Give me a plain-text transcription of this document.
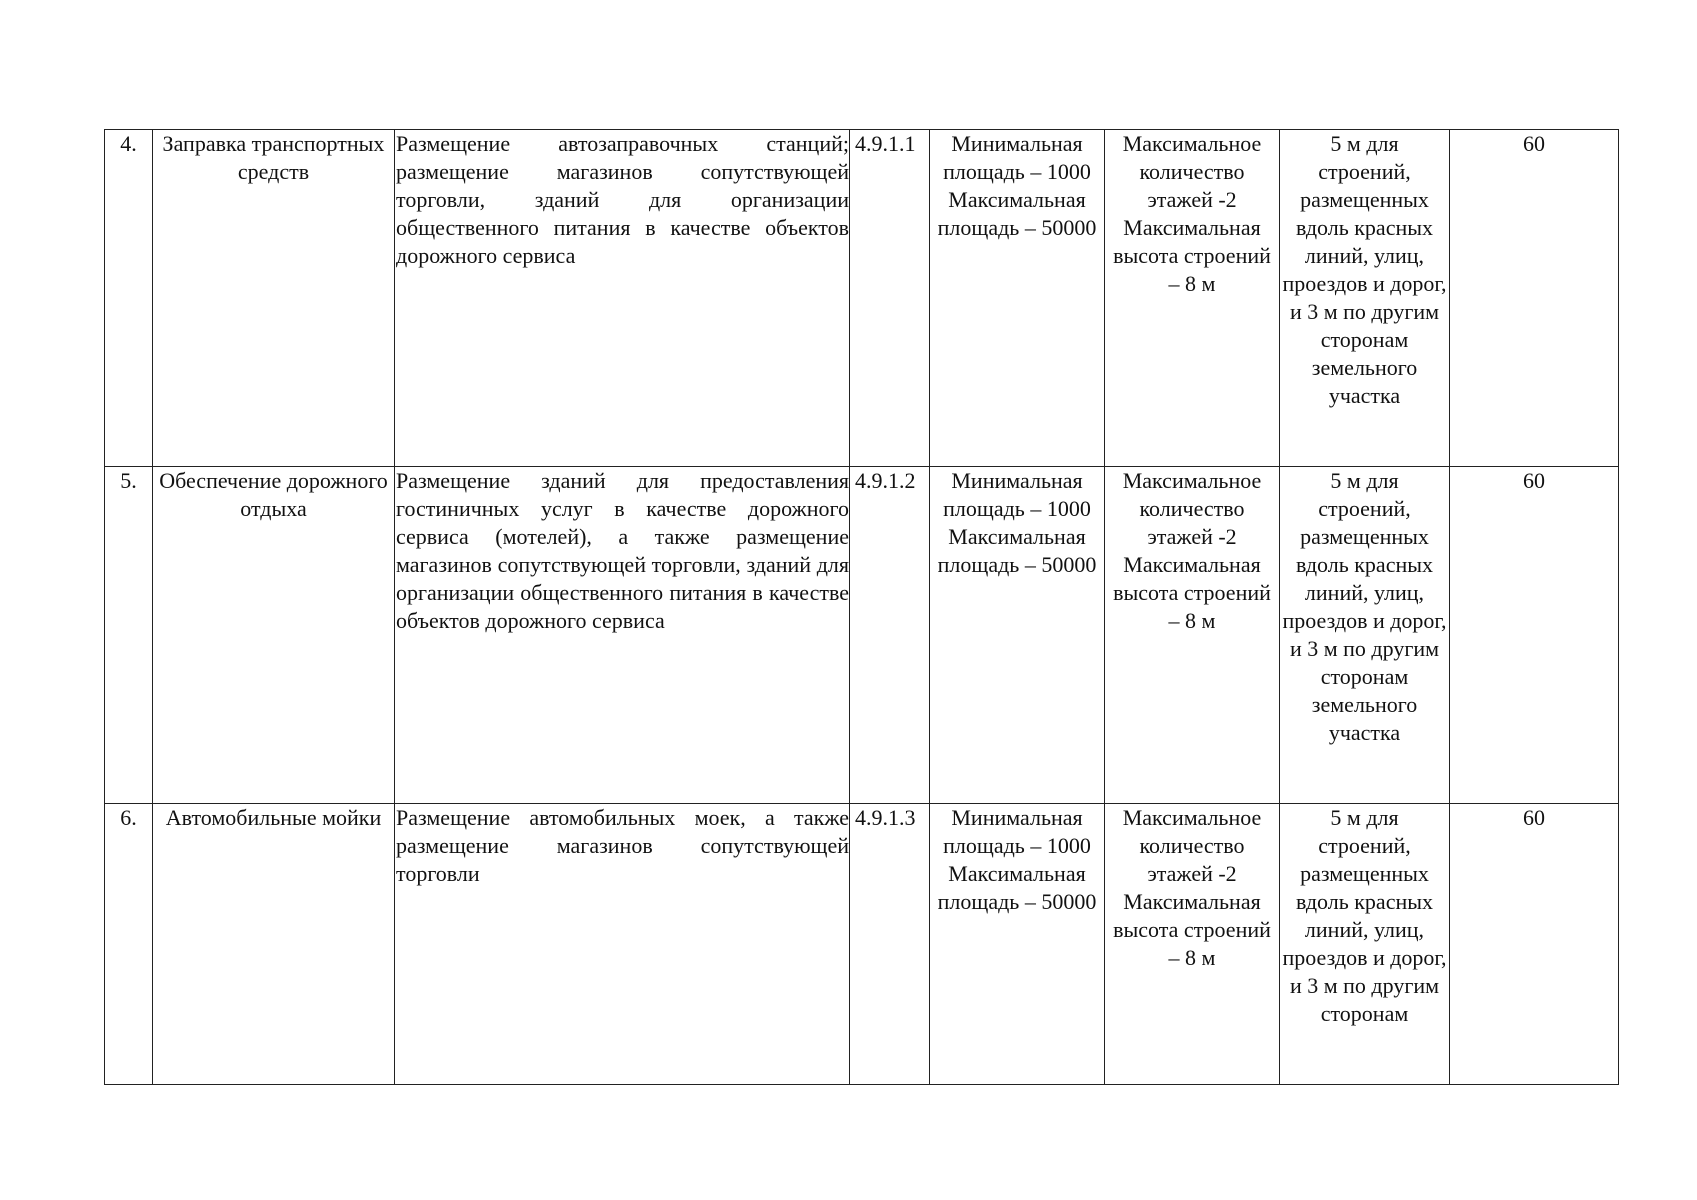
4.	Заправка транспортных средств	Размещение автозаправочных станций; размещение магазинов сопутствующей торговли, зданий для организации общественного питания в качестве объектов дорожного сервиса	4.9.1.1	Минимальная площадь – 1000 Максимальная площадь – 50000	Максимальное количество этажей -2 Максимальная высота строений – 8 м	5 м для строений, размещенных вдоль красных линий, улиц, проездов и дорог, и 3 м по другим сторонам земельного участка	60
5.	Обеспечение дорожного отдыха	Размещение зданий для предоставления гостиничных услуг в качестве дорожного сервиса (мотелей), а также размещение магазинов сопутствующей торговли, зданий для организации общественного питания в качестве объектов дорожного сервиса	4.9.1.2	Минимальная площадь – 1000 Максимальная площадь – 50000	Максимальное количество этажей -2 Максимальная высота строений – 8 м	5 м для строений, размещенных вдоль красных линий, улиц, проездов и дорог, и 3 м по другим сторонам земельного участка	60
6.	Автомобильные мойки	Размещение автомобильных моек, а также размещение магазинов сопутствующей торговли	4.9.1.3	Минимальная площадь – 1000 Максимальная площадь – 50000	Максимальное количество этажей -2 Максимальная высота строений – 8 м	5 м для строений, размещенных вдоль красных линий, улиц, проездов и дорог, и 3 м по другим сторонам	60
